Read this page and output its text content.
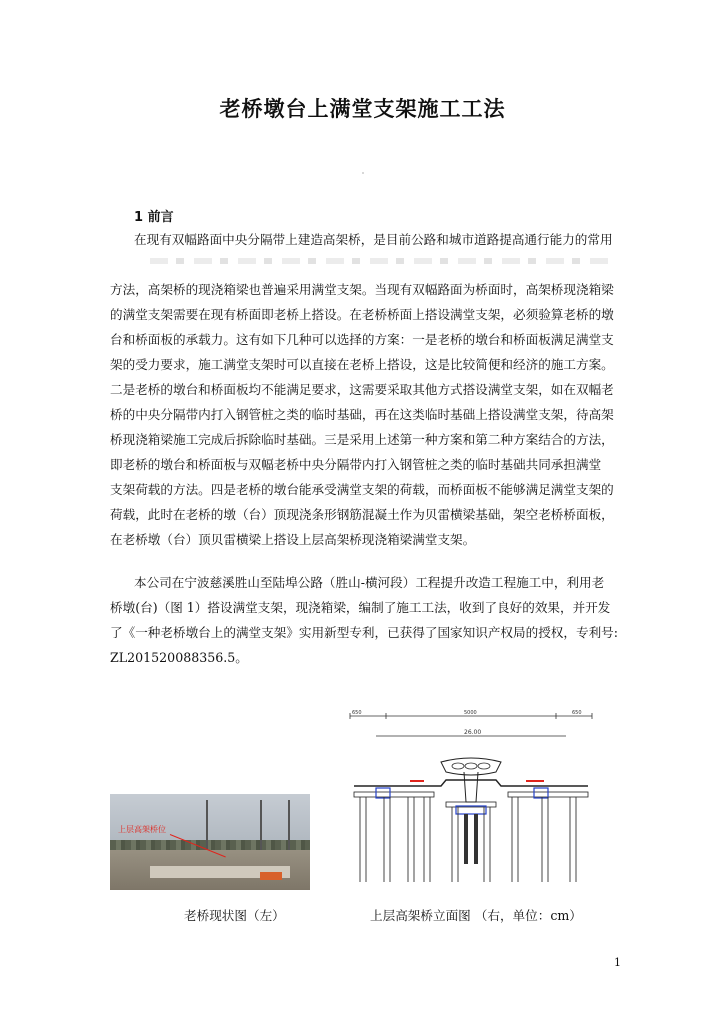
老桥墩台上满堂支架施工工法
1 前言
在现有双幅路面中央分隔带上建造高架桥，是目前公路和城市道路提高通行能力的常用
方法，高架桥的现浇箱梁也普遍采用满堂支架。当现有双幅路面为桥面时，高架桥现浇箱梁
的满堂支架需要在现有桥面即老桥上搭设。在老桥桥面上搭设满堂支架，必须验算老桥的墩
台和桥面板的承载力。这有如下几种可以选择的方案：一是老桥的墩台和桥面板满足满堂支
架的受力要求，施工满堂支架时可以直接在老桥上搭设，这是比较简便和经济的施工方案。
二是老桥的墩台和桥面板均不能满足要求，这需要采取其他方式搭设满堂支架，如在双幅老
桥的中央分隔带内打入钢管桩之类的临时基础，再在这类临时基础上搭设满堂支架，待高架
桥现浇箱梁施工完成后拆除临时基础。三是采用上述第一种方案和第二种方案结合的方法，
即老桥的墩台和桥面板与双幅老桥中央分隔带内打入钢管桩之类的临时基础共同承担满堂
支架荷载的方法。四是老桥的墩台能承受满堂支架的荷载，而桥面板不能够满足满堂支架的
荷载，此时在老桥的墩（台）顶现浇条形钢筋混凝土作为贝雷横梁基础，架空老桥桥面板，
在老桥墩（台）顶贝雷横梁上搭设上层高架桥现浇箱梁满堂支架。
本公司在宁波慈溪胜山至陆埠公路（胜山-横河段）工程提升改造工程施工中，利用老
桥墩(台)（图 1）搭设满堂支架，现浇箱梁，编制了施工工法，收到了良好的效果，并开发
了《一种老桥墩台上的满堂支架》实用新型专利，已获得了国家知识产权局的授权，专利号:
ZL201520088356.5。
上层高架桥位
5000
26.00
650	650
老桥现状图（左）	上层高架桥立面图 （右，单位：cm）
1
